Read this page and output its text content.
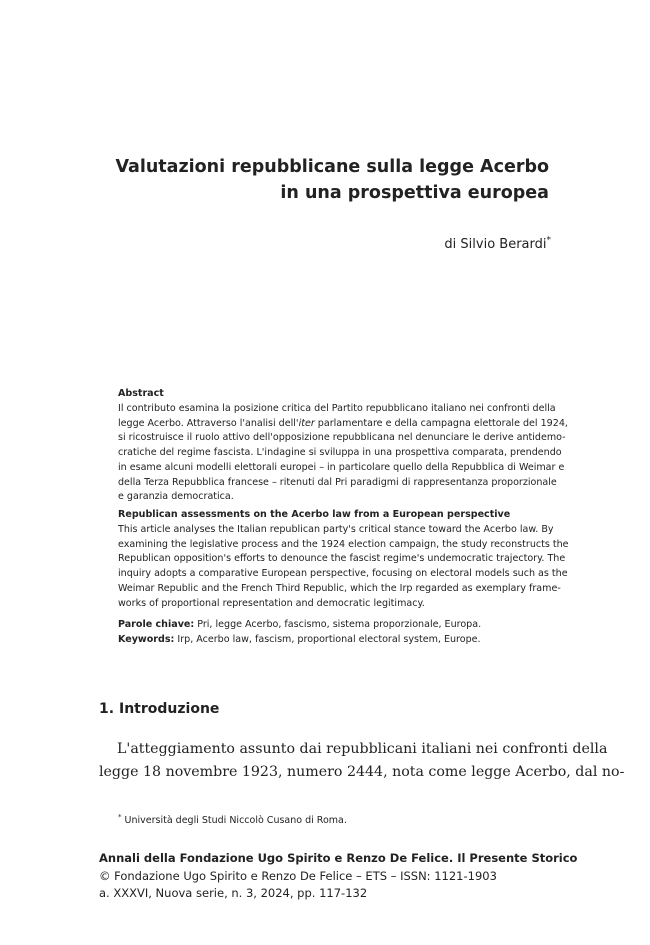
Valutazioni repubblicane sulla legge Acerbo
in una prospettiva europea
di Silvio Berardi*
Abstract
Il contributo esamina la posizione critica del Partito repubblicano italiano nei confronti della
legge Acerbo. Attraverso l'analisi dell'iter parlamentare e della campagna elettorale del 1924,
si ricostruisce il ruolo attivo dell'opposizione repubblicana nel denunciare le derive antidemo-
cratiche del regime fascista. L'indagine si sviluppa in una prospettiva comparata, prendendo
in esame alcuni modelli elettorali europei – in particolare quello della Repubblica di Weimar e
della Terza Repubblica francese – ritenuti dal Pri paradigmi di rappresentanza proporzionale
e garanzia democratica.
Republican assessments on the Acerbo law from a European perspective
This article analyses the Italian republican party's critical stance toward the Acerbo law. By
examining the legislative process and the 1924 election campaign, the study reconstructs the
Republican opposition's efforts to denounce the fascist regime's undemocratic trajectory. The
inquiry adopts a comparative European perspective, focusing on electoral models such as the
Weimar Republic and the French Third Republic, which the Irp regarded as exemplary frame-
works of proportional representation and democratic legitimacy.
Parole chiave: Pri, legge Acerbo, fascismo, sistema proporzionale, Europa.
Keywords: Irp, Acerbo law, fascism, proportional electoral system, Europe.
1. Introduzione
L'atteggiamento assunto dai repubblicani italiani nei confronti della
legge 18 novembre 1923, numero 2444, nota come legge Acerbo, dal no-
* Università degli Studi Niccolò Cusano di Roma.
Annali della Fondazione Ugo Spirito e Renzo De Felice. Il Presente Storico
© Fondazione Ugo Spirito e Renzo De Felice – ETS – ISSN: 1121-1903
a. XXXVI, Nuova serie, n. 3, 2024, pp. 117-132
